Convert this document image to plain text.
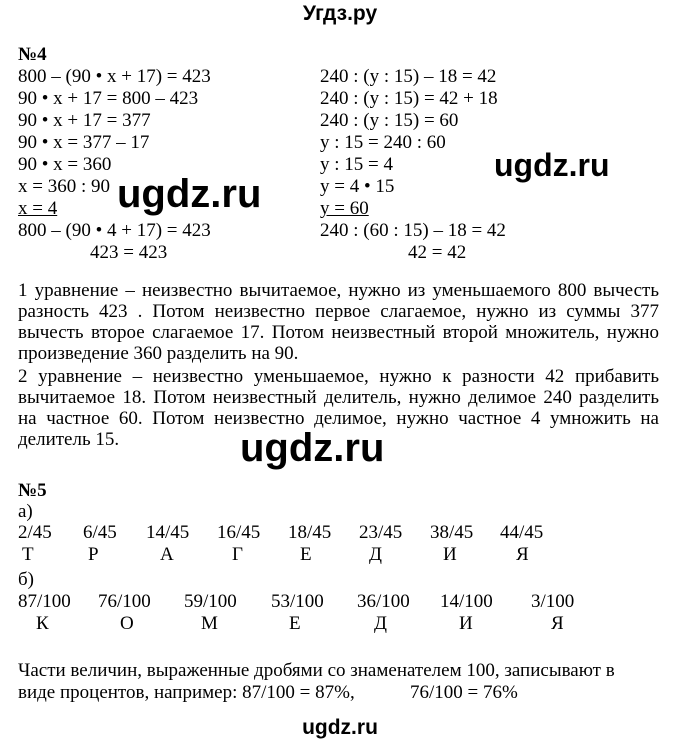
Угдз.ру
ugdz.ru
ugdz.ru
ugdz.ru
№4
800 – (90 • x + 17) = 423
90 • x + 17 = 800 – 423
90 • x + 17 = 377
90 • x = 377 – 17
90 • x = 360
x = 360 : 90
x = 4
800 – (90 • 4 + 17) = 423
423 = 423
240 : (y : 15) – 18 = 42
240 : (y : 15) = 42 + 18
240 : (y : 15) = 60
y : 15 = 240 : 60
y : 15 = 4
y = 4 • 15
y = 60
240 : (60 : 15) – 18 = 42
42 = 42
1 уравнение – неизвестно вычитаемое, нужно из уменьшаемого 800 вычесть разность 423 . Потом неизвестно первое слагаемое, нужно из суммы 377 вычесть второе слагаемое 17. Потом неизвестный второй множитель, нужно произведение 360 разделить на 90.
2 уравнение – неизвестно уменьшаемое, нужно к разности 42 прибавить вычитаемое 18. Потом неизвестный делитель, нужно делимое 240 разделить на частное 60. Потом неизвестно делимое, нужно частное 4 умножить на делитель 15.
№5
а)
2/45 6/45 14/45 16/45 18/45 23/45 38/45 44/45
Т	Р	А	Г	Е	Д	И	Я
б)
87/100 76/100 59/100 53/100 36/100 14/100 3/100
К	О	М	Е	Д	И	Я
Части величин, выраженные дробями со знаменателем 100, записывают в
виде процентов, например: 87/100 = 87%,	76/100 = 76%
ugdz.ru
